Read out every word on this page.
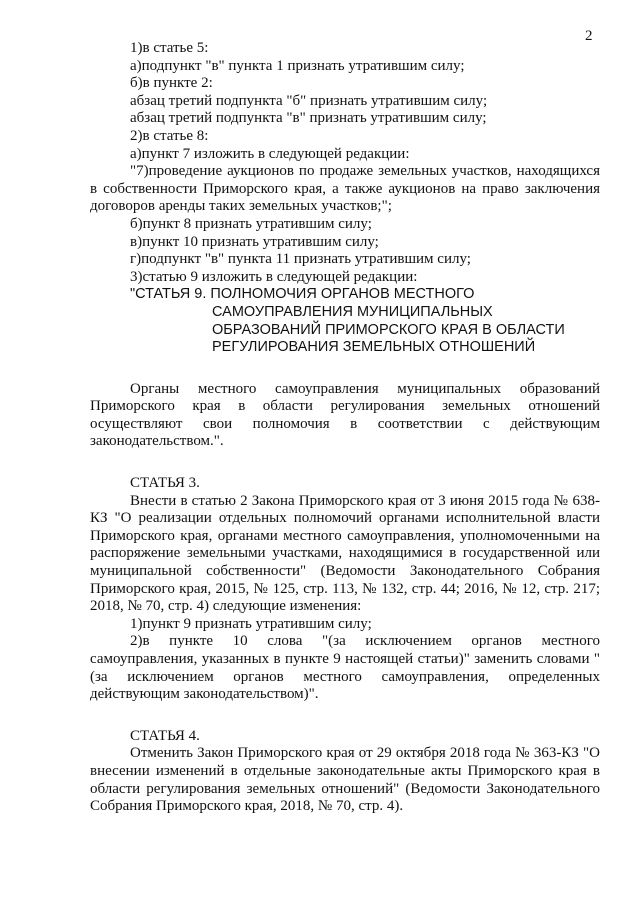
2

1)в статье 5:

а)подпункт "в" пункта 1 признать утратившим силу;

б)в пункте 2:

абзац третий подпункта "б" признать утратившим силу;

абзац третий подпункта "в" признать утратившим силу;

2)в статье 8:

а)пункт 7 изложить в следующей редакции:

"7)проведение аукционов по продаже земельных участков, находящихся в собственности Приморского края, а также аукционов на право заключения договоров аренды таких земельных участков;";

б)пункт 8 признать утратившим силу;

в)пункт 10 признать утратившим силу;

г)подпункт "в" пункта 11 признать утратившим силу;

3)статью 9 изложить в следующей редакции:

"СТАТЬЯ 9. ПОЛНОМОЧИЯ ОРГАНОВ МЕСТНОГО

САМОУПРАВЛЕНИЯ МУНИЦИПАЛЬНЫХ

ОБРАЗОВАНИЙ ПРИМОРСКОГО КРАЯ В ОБЛАСТИ

РЕГУЛИРОВАНИЯ ЗЕМЕЛЬНЫХ ОТНОШЕНИЙ

Органы местного самоуправления муниципальных образований Приморского края в области регулирования земельных отношений осуществляют свои полномочия в соответствии с действующим законодательством.".

СТАТЬЯ 3.

Внести в статью 2 Закона Приморского края от 3 июня 2015 года № 638-КЗ "О реализации отдельных полномочий органами исполнительной власти Приморского края, органами местного самоуправления, уполномоченными на распоряжение земельными участками, находящимися в государственной или муниципальной собственности" (Ведомости Законодательного Собрания Приморского края, 2015, № 125, стр. 113, № 132, стр. 44; 2016, № 12, стр. 217; 2018, № 70, стр. 4) следующие изменения:

1)пункт 9 признать утратившим силу;

2)в пункте 10 слова "(за исключением органов местного самоуправления, указанных в пункте 9 настоящей статьи)" заменить словами "(за исключением органов местного самоуправления, определенных действующим законодательством)".

СТАТЬЯ 4.

Отменить Закон Приморского края от 29 октября 2018 года № 363-КЗ "О внесении изменений в отдельные законодательные акты Приморского края в области регулирования земельных отношений" (Ведомости Законодательного Собрания Приморского края, 2018, № 70, стр. 4).
